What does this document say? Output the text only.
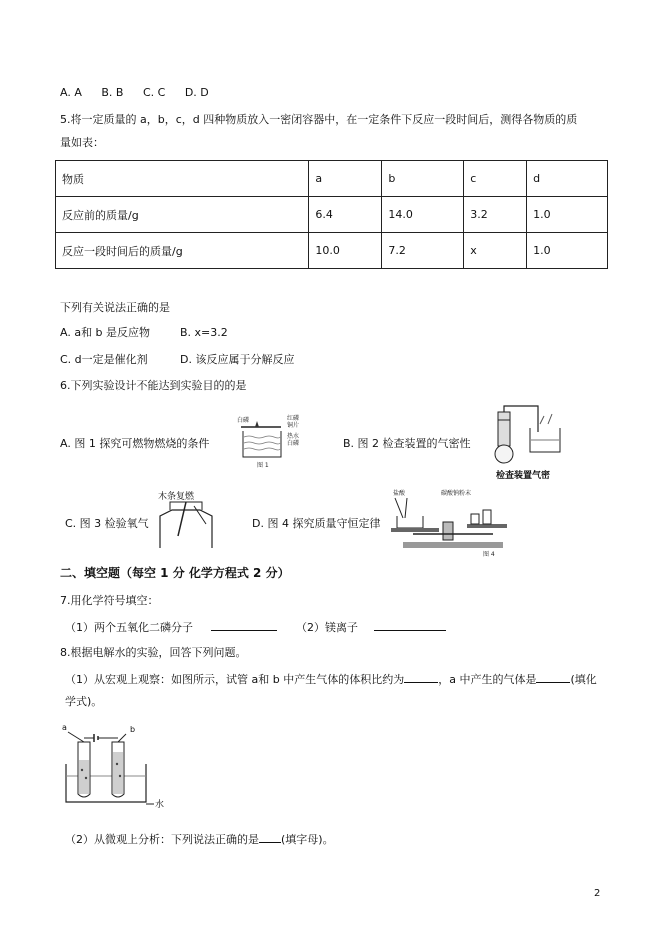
A. A B. B C. C D. D
5.将一定质量的 a，b，c，d 四种物质放入一密闭容器中，在一定条件下反应一段时间后，测得各物质的质
量如表：
物质	a	b	c	d
反应前的质量/g	6.4	14.0	3.2	1.0
反应一段时间后的质量/g	10.0	7.2	x	1.0
下列有关说法正确的是
A. a和 b 是反应物	B. x=3.2
C. d一定是催化剂	D. 该反应属于分解反应
6.下列实验设计不能达到实验目的的是
A. 图 1 探究可燃物燃烧的条件
白磷	红磷
铜片
热水
白磷
图 1
B. 图 2 检查装置的气密性
检查装置气密
C. 图 3 检验氧气
木条复燃
D. 图 4 探究质量守恒定律
盐酸	碳酸钠粉末
图 4
二、填空题（每空 1 分 化学方程式 2 分）
7.用化学符号填空：
（1）两个五氧化二磷分子	（2）镁离子
8.根据电解水的实验，回答下列问题。
（1）从宏观上观察：如图所示，试管 a和 b 中产生气体的体积比约为	，a 中产生的气体是	(填化
学式)。
a	b
水
（2）从微观上分析：下列说法正确的是 (填字母)。
2
